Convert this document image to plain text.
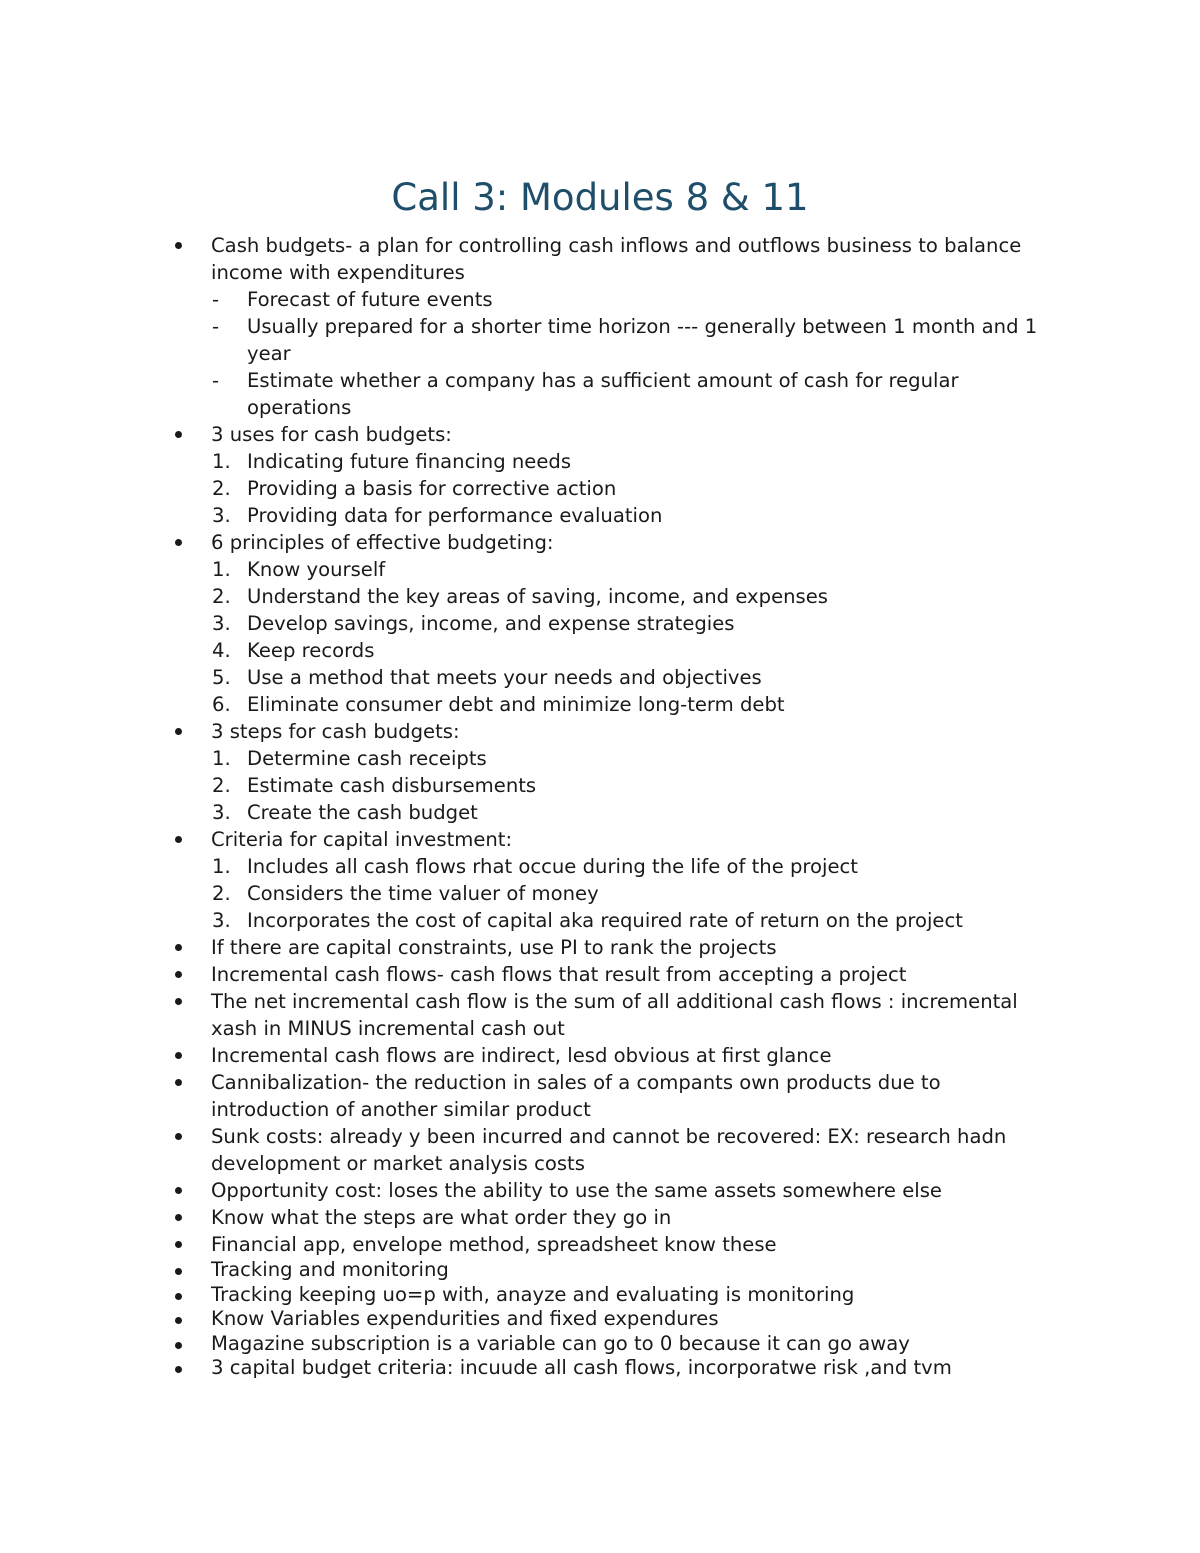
Call 3: Modules 8 & 11
Cash budgets- a plan for controlling cash inflows and outflows business to balance income with expenditures
- Forecast of future events
- Usually prepared for a shorter time horizon --- generally between 1 month and 1 year
- Estimate whether a company has a sufficient amount of cash for regular operations
3 uses for cash budgets:
1. Indicating future financing needs
2. Providing a basis for corrective action
3. Providing data for performance evaluation
6 principles of effective budgeting:
1. Know yourself
2. Understand the key areas of saving, income, and expenses
3. Develop savings, income, and expense strategies
4. Keep records
5. Use a method that meets your needs and objectives
6. Eliminate consumer debt and minimize long-term debt
3 steps for cash budgets:
1. Determine cash receipts
2. Estimate cash disbursements
3. Create the cash budget
Criteria for capital investment:
1. Includes all cash flows rhat occue during the life of the project
2. Considers the time valuer of money
3. Incorporates the cost of capital aka required rate of return on the project
If there are capital constraints, use PI to rank the projects
Incremental cash flows- cash flows that result from accepting a project
The net incremental cash flow is the sum of all additional cash flows : incremental xash in MINUS incremental cash out
Incremental cash flows are indirect, lesd obvious at first glance
Cannibalization- the reduction in sales of a compants own products due to introduction of another similar product
Sunk costs: already y been incurred and cannot be recovered: EX: research hadn development or market analysis costs
Opportunity cost: loses the ability to use the same assets somewhere else
Know what the steps are what order they go in
Financial app, envelope method, spreadsheet know these
Tracking and monitoring
Tracking keeping uo=p with, anayze and evaluating is monitoring
Know Variables expendurities and fixed expendures
Magazine subscription is a variable can go to 0 because it can go away
3 capital budget criteria: incuude all cash flows, incorporatwe risk ,and tvm
